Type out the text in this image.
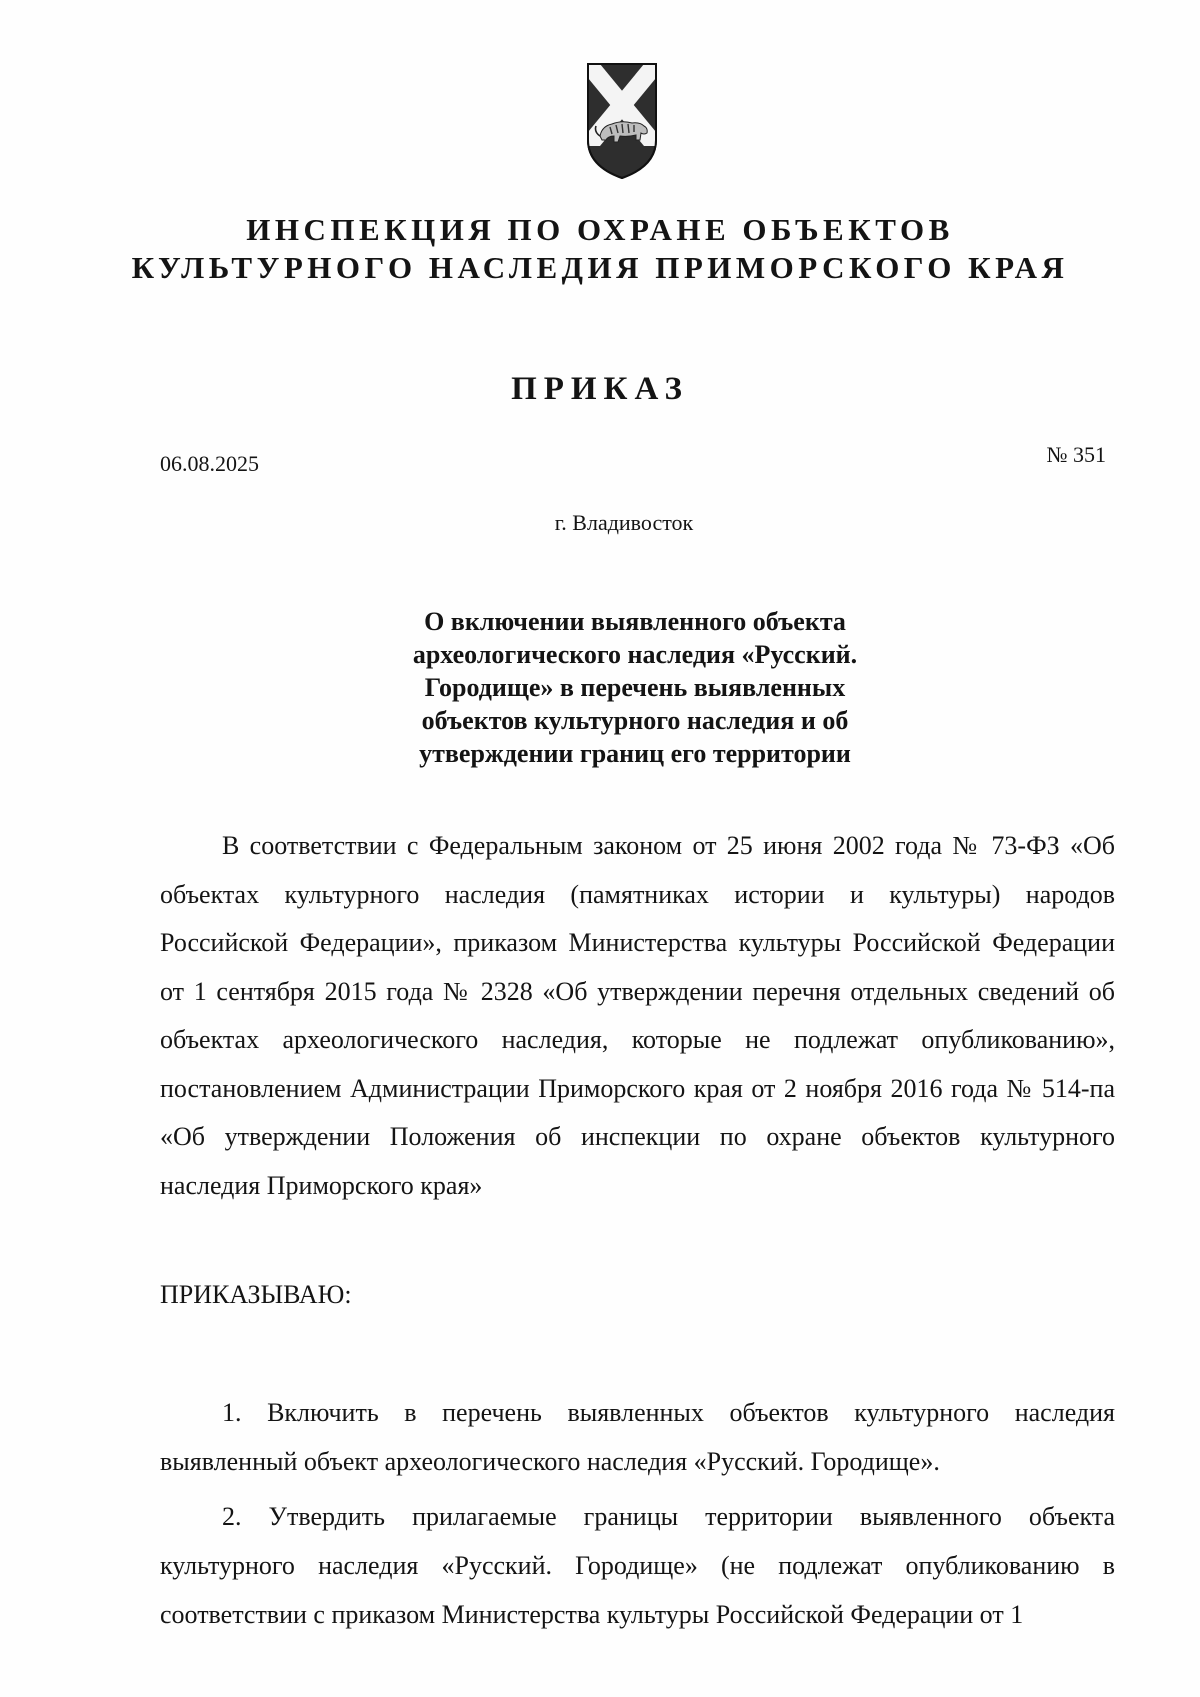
ИНСПЕКЦИЯ ПО ОХРАНЕ ОБЪЕКТОВ
КУЛЬТУРНОГО НАСЛЕДИЯ ПРИМОРСКОГО КРАЯ
ПРИКАЗ
06.08.2025	№ 351
г. Владивосток
О включении выявленного объекта
археологического наследия «Русский.
Городище» в перечень выявленных
объектов культурного наследия и об
утверждении границ его территории

В соответствии с Федеральным законом от 25 июня 2002 года № 73-ФЗ «Об объектах культурного наследия (памятниках истории и культуры) народов Российской Федерации», приказом Министерства культуры Российской Федерации от 1 сентября 2015 года № 2328 «Об утверждении перечня отдельных сведений об объектах археологического наследия, которые не подлежат опубликованию», постановлением Администрации Приморского края от 2 ноября 2016 года № 514-па «Об утверждении Положения об инспекции по охране объектов культурного наследия Приморского края»

ПРИКАЗЫВАЮ:

1. Включить в перечень выявленных объектов культурного наследия выявленный объект археологического наследия «Русский. Городище».

2. Утвердить прилагаемые границы территории выявленного объекта культурного наследия «Русский. Городище» (не подлежат опубликованию в соответствии с приказом Министерства культуры Российской Федерации от 1
